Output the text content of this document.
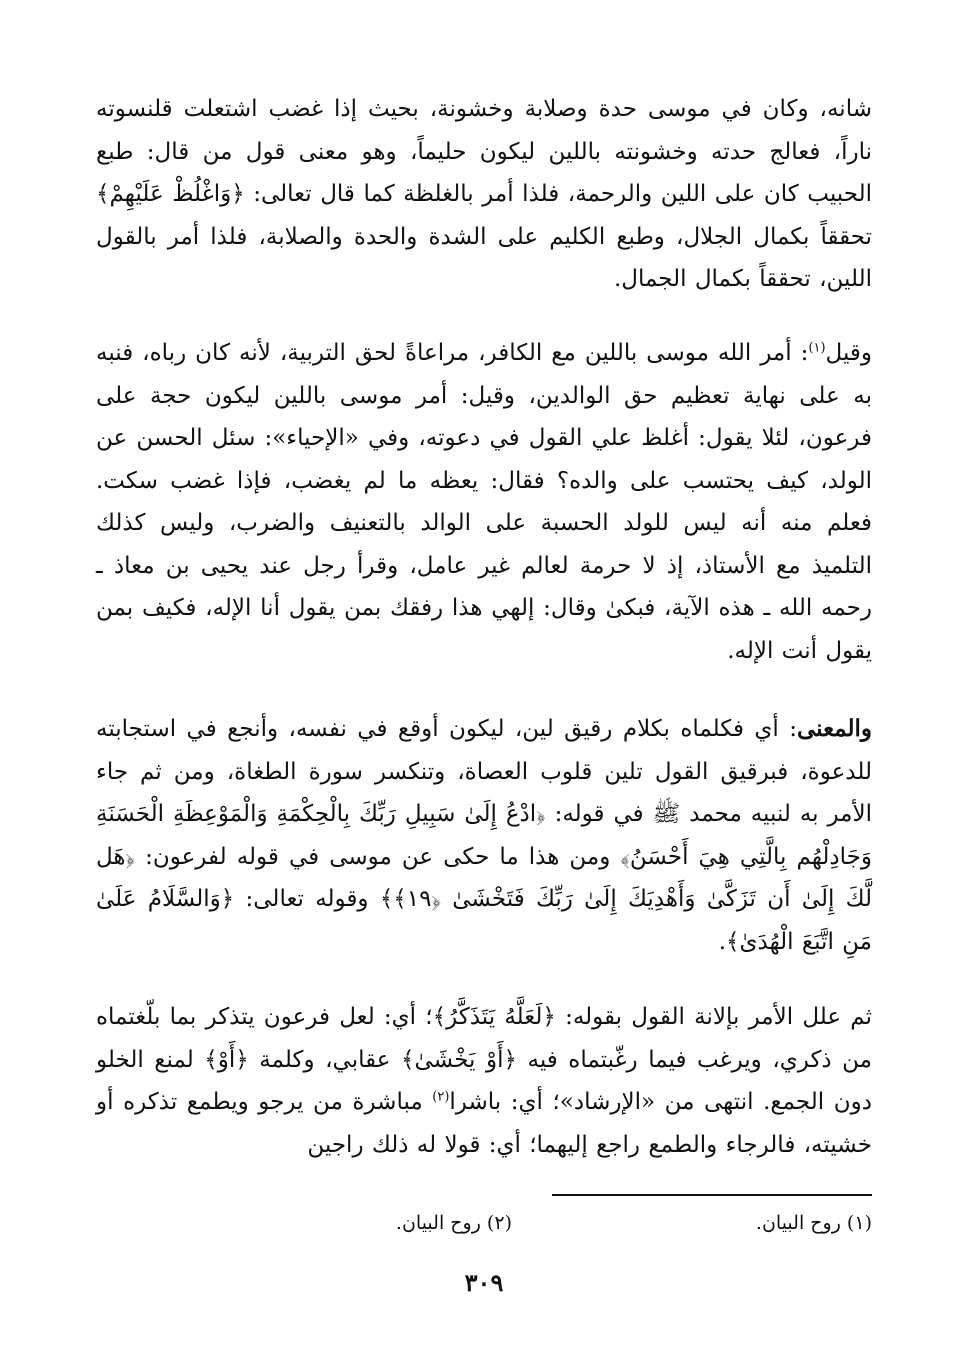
شانه، وكان في موسى حدة وصلابة وخشونة، بحيث إذا غضب اشتعلت قلنسوته ناراً، فعالج حدته وخشونته باللين ليكون حليماً، وهو معنى قول من قال: طبع الحبيب كان على اللين والرحمة، فلذا أمر بالغلظة كما قال تعالى: ﴿وَاغْلُظْ عَلَيْهِمْ﴾ تحققاً بكمال الجلال، وطبع الكليم على الشدة والحدة والصلابة، فلذا أمر بالقول اللين، تحققاً بكمال الجمال.

وقيل$^{(١)}$: أمر الله موسى باللين مع الكافر، مراعاةً لحق التربية، لأنه كان رباه، فنبه به على نهاية تعظيم حق الوالدين، وقيل: أمر موسى باللين ليكون حجة على فرعون، لئلا يقول: أغلظ علي القول في دعوته، وفي «الإحياء»: سئل الحسن عن الولد، كيف يحتسب على والده؟ فقال: يعظه ما لم يغضب، فإذا غضب سكت. فعلم منه أنه ليس للولد الحسبة على الوالد بالتعنيف والضرب، وليس كذلك التلميذ مع الأستاذ، إذ لا حرمة لعالم غير عامل، وقرأ رجل عند يحيى بن معاذ ـ رحمه الله ـ هذه الآية، فبكىٰ وقال: إلهي هذا رفقك بمن يقول أنا الإله، فكيف بمن يقول أنت الإله.

والمعنى: أي فكلماه بكلام رقيق لين، ليكون أوقع في نفسه، وأنجع في استجابته للدعوة، فبرقيق القول تلين قلوب العصاة، وتنكسر سورة الطغاة، ومن ثم جاء الأمر به لنبيه محمد ﷺ في قوله: ﴿ادْعُ إِلَىٰ سَبِيلِ رَبِّكَ بِالْحِكْمَةِ وَالْمَوْعِظَةِ الْحَسَنَةِ وَجَادِلْهُم بِالَّتِي هِيَ أَحْسَنُ﴾ ومن هذا ما حكى عن موسى في قوله لفرعون: ﴿هَل لَّكَ إِلَىٰ أَن تَزَكَّىٰ وَأَهْدِيَكَ إِلَىٰ رَبِّكَ فَتَخْشَىٰ ﴿١٩﴾﴾ وقوله تعالى: ﴿وَالسَّلَامُ عَلَىٰ مَنِ اتَّبَعَ الْهُدَىٰ﴾.

ثم علل الأمر بإلانة القول بقوله: ﴿لَعَلَّهُ يَتَذَكَّرُ﴾؛ أي: لعل فرعون يتذكر بما بلّغتماه من ذكري، ويرغب فيما رغّبتماه فيه ﴿أَوْ يَخْشَىٰ﴾ عقابي، وكلمة ﴿أَوْ﴾ لمنع الخلو دون الجمع. انتهى من «الإرشاد»؛ أي: باشرا$^{(٢)}$ مباشرة من يرجو ويطمع تذكره أو خشيته، فالرجاء والطمع راجع إليهما؛ أي: قولا له ذلك راجين

(١) روح البيان.
(٢) روح البيان.
٣٠٩
